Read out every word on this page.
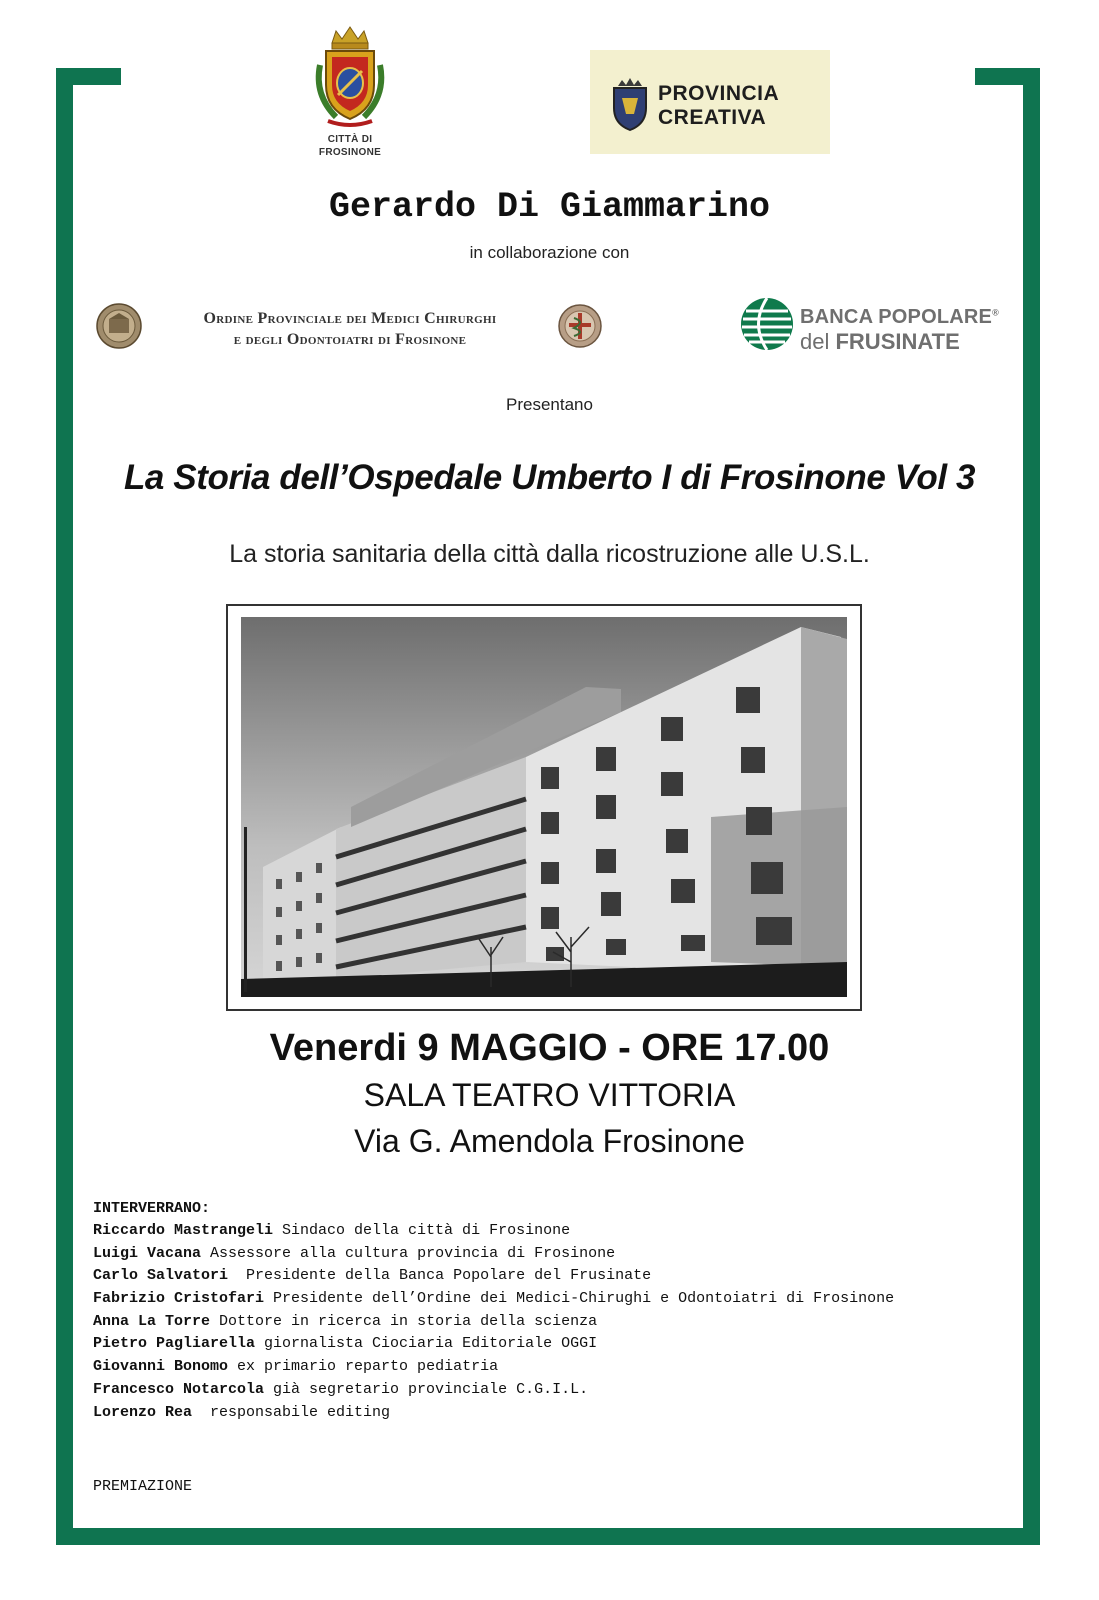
CITTÀ DI
FROSINONE
PROVINCIA
CREATIVA
Gerardo Di Giammarino
in collaborazione con
Ordine Provinciale dei Medici Chirurghi
e degli Odontoiatri di Frosinone
BANCA POPOLARE®
del FRUSINATE
Presentano
La Storia dell’Ospedale Umberto I di Frosinone Vol 3
La storia sanitaria della città dalla ricostruzione alle U.S.L.
Venerdi 9 MAGGIO - ORE 17.00
SALA TEATRO VITTORIA
Via G. Amendola Frosinone
INTERVERRANO:
Riccardo Mastrangeli Sindaco della città di Frosinone
Luigi Vacana Assessore alla cultura provincia di Frosinone
Carlo Salvatori  Presidente della Banca Popolare del Frusinate
Fabrizio Cristofari Presidente dell’Ordine dei Medici-Chirughi e Odontoiatri di Frosinone
Anna La Torre Dottore in ricerca in storia della scienza
Pietro Pagliarella giornalista Ciociaria Editoriale OGGI
Giovanni Bonomo ex primario reparto pediatria
Francesco Notarcola già segretario provinciale C.G.I.L.
Lorenzo Rea  responsabile editing
PREMIAZIONE
